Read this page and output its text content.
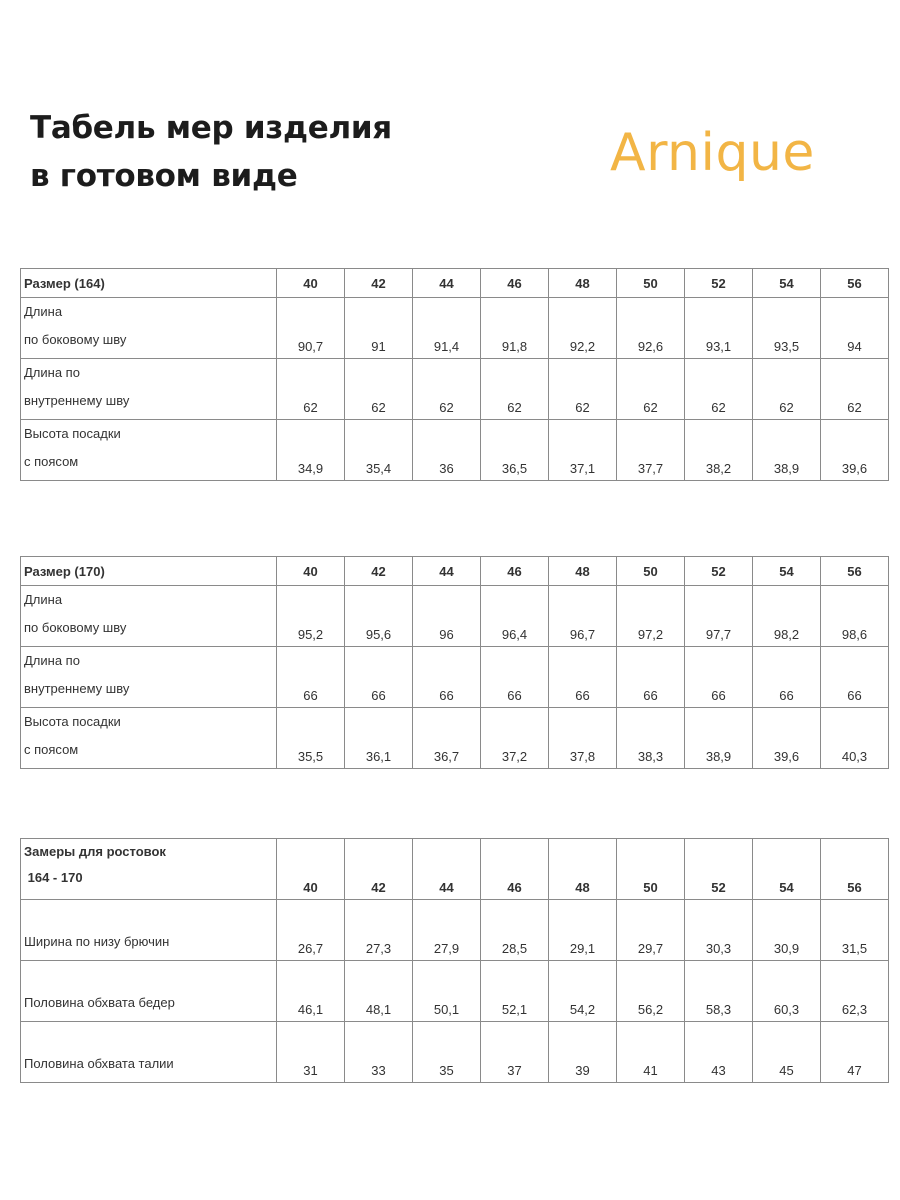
Табель мер изделия
в готовом виде	Arnique
Размер (164)	40	42	44	46	48	50	52	54	56

Длина
по боковому шву	90,7	91	91,4	91,8	92,2	92,6	93,1	93,5	94

Длина по
внутреннему шву	62	62	62	62	62	62	62	62	62

Высота посадки
с поясом	34,9	35,4	36	36,5	37,1	37,7	38,2	38,9	39,6
Размер (170)	40	42	44	46	48	50	52	54	56

Длина
по боковому шву	95,2	95,6	96	96,4	96,7	97,2	97,7	98,2	98,6

Длина по
внутреннему шву	66	66	66	66	66	66	66	66	66

Высота посадки
с поясом	35,5	36,1	36,7	37,2	37,8	38,3	38,9	39,6	40,3
Замеры для ростовок
164 - 170	40	42	44	46	48	50	52	54	56
Ширина по низу брючин	26,7	27,3	27,9	28,5	29,1	29,7	30,3	30,9	31,5
Половина обхвата бедер	46,1	48,1	50,1	52,1	54,2	56,2	58,3	60,3	62,3
Половина обхвата талии	31	33	35	37	39	41	43	45	47
